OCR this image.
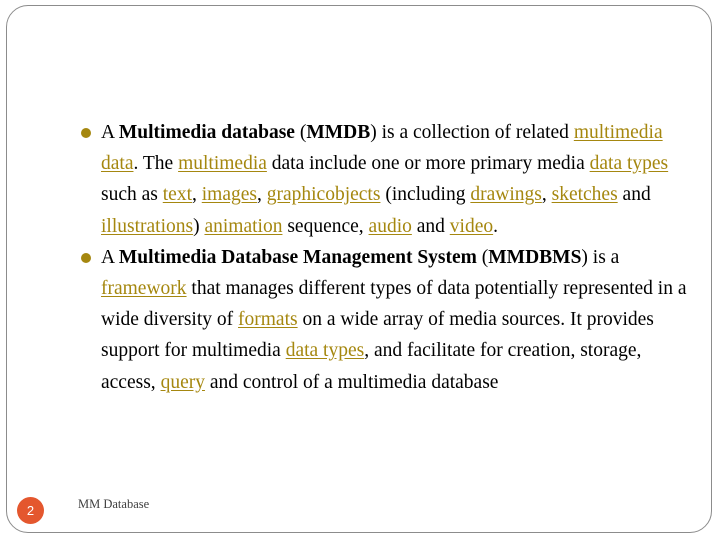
A Multimedia database (MMDB) is a collection of related multimedia data. The multimedia data include one or more primary media data types such as text, images, graphicobjects (including drawings, sketches and illustrations) animation sequence, audio and video.
A Multimedia Database Management System (MMDBMS) is a framework that manages different types of data potentially represented in a wide diversity of formats on a wide array of media sources. It provides support for multimedia data types, and facilitate for creation, storage, access, query and control of a multimedia database
2	MM Database
